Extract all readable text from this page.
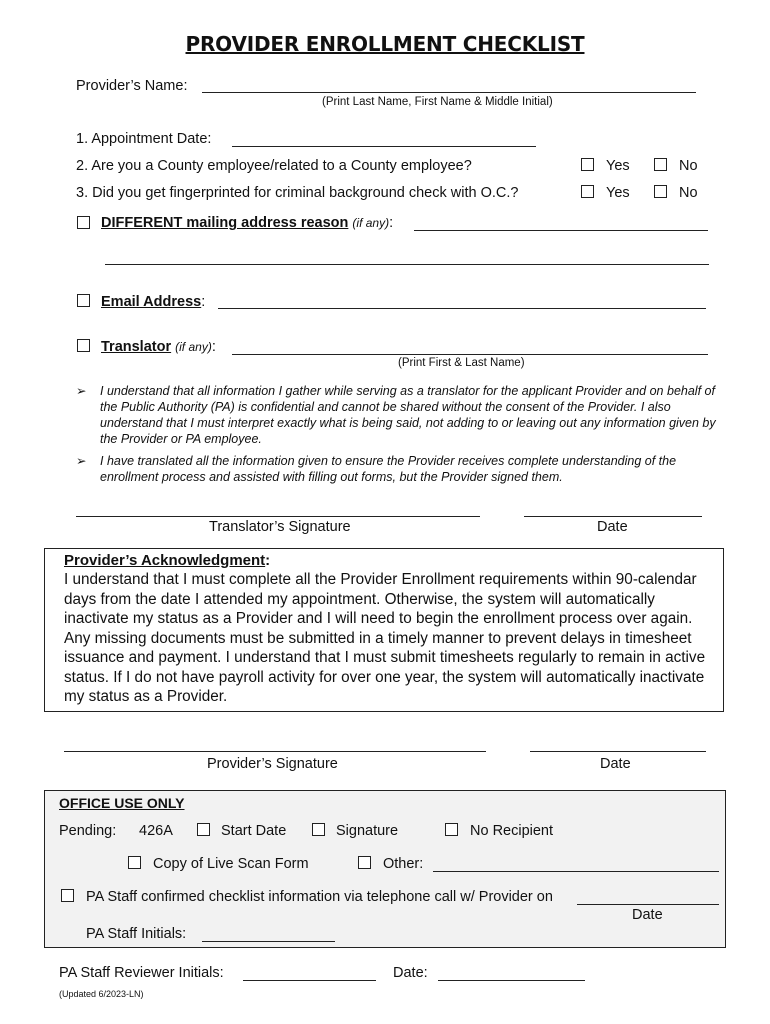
PROVIDER ENROLLMENT CHECKLIST
Provider’s Name:
(Print Last Name, First Name & Middle Initial)
1. Appointment Date:
2. Are you a County employee/related to a County employee?	Yes	No
3. Did you get fingerprinted for criminal background check with O.C.?	Yes	No
DIFFERENT mailing address reason (if any):
Email Address:
Translator (if any):
(Print First & Last Name)
➢ I understand that all information I gather while serving as a translator for the applicant Provider and on behalf of the Public Authority (PA) is confidential and cannot be shared without the consent of the Provider. I also understand that I must interpret exactly what is being said, not adding to or leaving out any information given by the Provider or PA employee.
➢ I have translated all the information given to ensure the Provider receives complete understanding of the enrollment process and assisted with filling out forms, but the Provider signed them.
Translator’s Signature	Date
Provider’s Acknowledgment:
I understand that I must complete all the Provider Enrollment requirements within 90-calendar days from the date I attended my appointment. Otherwise, the system will automatically inactivate my status as a Provider and I will need to begin the enrollment process over again. Any missing documents must be submitted in a timely manner to prevent delays in timesheet issuance and payment. I understand that I must submit timesheets regularly to remain in active status. If I do not have payroll activity for over one year, the system will automatically inactivate my status as a Provider.
Provider’s Signature	Date
OFFICE USE ONLY
Pending: 426A	Start Date	Signature	No Recipient
Copy of Live Scan Form	Other:
PA Staff confirmed checklist information via telephone call w/ Provider on
Date
PA Staff Initials:
PA Staff Reviewer Initials:	Date:
(Updated 6/2023-LN)
